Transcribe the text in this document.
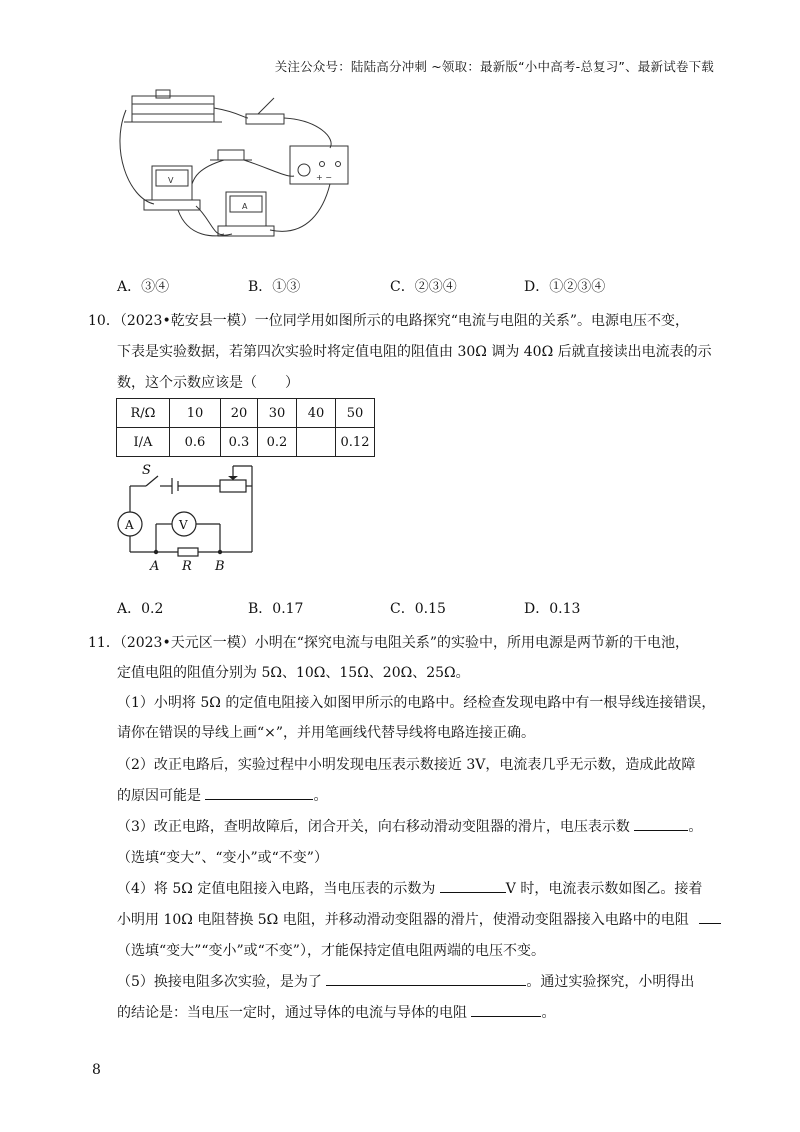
关注公众号：陆陆高分冲刺 ~领取：最新版“小中高考-总复习”、最新试卷下载
V
A
+ −
A．③④	B．①③	C．②③④	D．①②③④
10．（2023•乾安县一模）一位同学用如图所示的电路探究“电流与电阻的关系”。电源电压不变，
下表是实验数据，若第四次实验时将定值电阻的阻值由 30Ω 调为 40Ω 后就直接读出电流表的示
数，这个示数应该是（　　）
R/Ω	10	20	30	40	50
I/A	0.6	0.3	0.2		0.12
S
A	V
A R B
A．0.2	B．0.17	C．0.15	D．0.13
11．（2023•天元区一模）小明在“探究电流与电阻关系”的实验中，所用电源是两节新的干电池，
定值电阻的阻值分别为 5Ω、10Ω、15Ω、20Ω、25Ω。
（1）小明将 5Ω 的定值电阻接入如图甲所示的电路中。经检查发现电路中有一根导线连接错误，
请你在错误的导线上画“×”，并用笔画线代替导线将电路连接正确。
（2）改正电路后，实验过程中小明发现电压表示数接近 3V，电流表几乎无示数，造成此故障
的原因可能是	。
（3）改正电路，查明故障后，闭合开关，向右移动滑动变阻器的滑片，电压表示数	。
（选填“变大”、“变小”或“不变”）
（4）将 5Ω 定值电阻接入电路，当电压表的示数为	V 时，电流表示数如图乙。接着
小明用 10Ω 电阻替换 5Ω 电阻，并移动滑动变阻器的滑片，使滑动变阻器接入电路中的电阻
（选填“变大”“变小”或“不变”），才能保持定值电阻两端的电压不变。
（5）换接电阻多次实验，是为了	。通过实验探究，小明得出
的结论是：当电压一定时，通过导体的电流与导体的电阻	。
8
